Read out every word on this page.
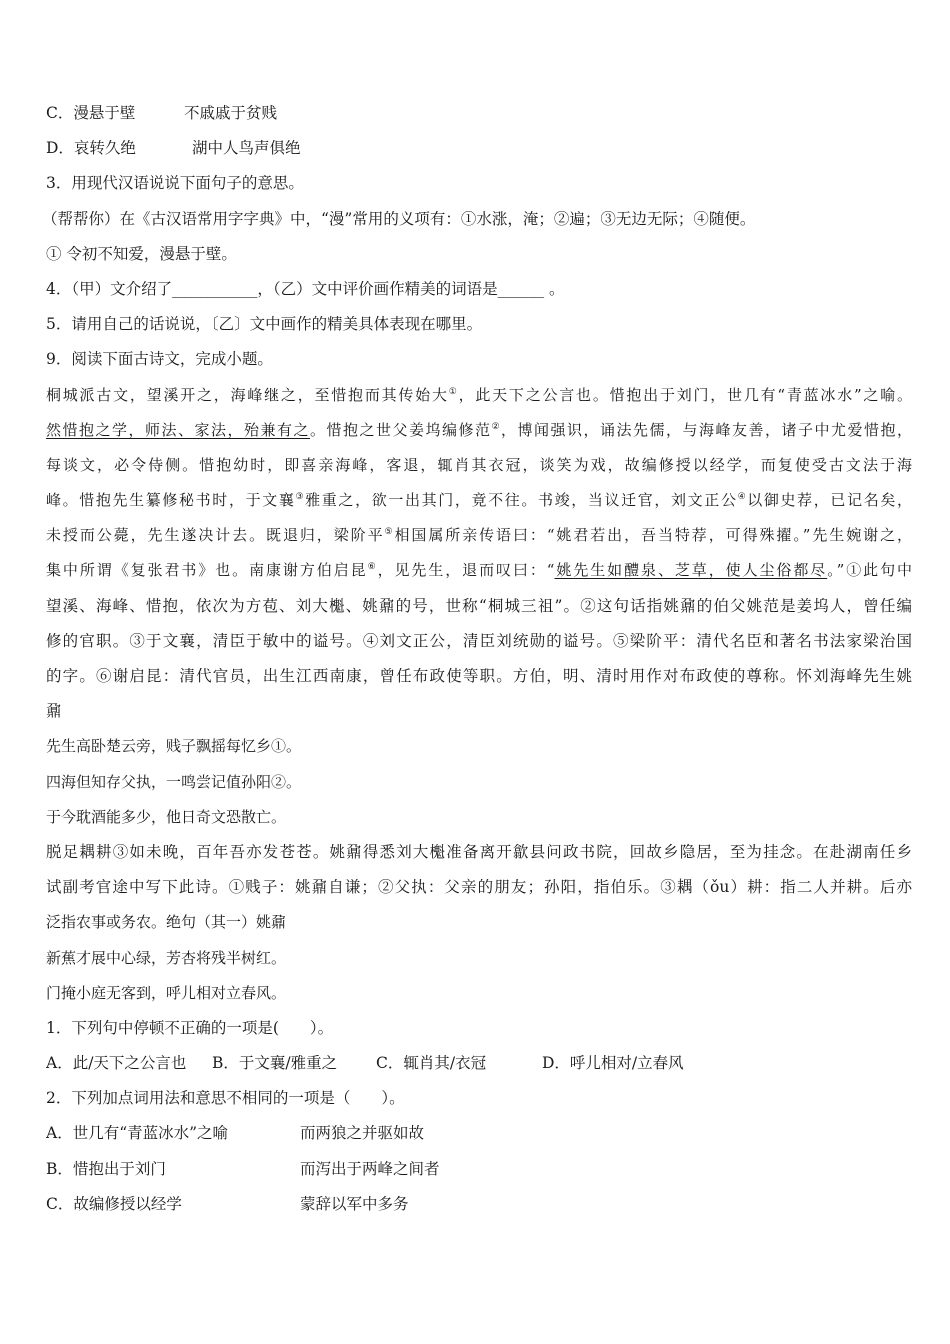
C．漫悬于壁	不戚戚于贫贱
D．哀转久绝	湖中人鸟声俱绝
3．用现代汉语说说下面句子的意思。
（帮帮你）在《古汉语常用字字典》中，“漫”常用的义项有：①水涨，淹；②遍；③无边无际；④随便。
① 令初不知爱，漫悬于壁。
4．（甲）文介绍了___________，（乙）文中评价画作精美的词语是______ 。
5．请用自己的话说说，〔乙〕文中画作的精美具体表现在哪里。
9．阅读下面古诗文，完成小题。
桐城派古文，望溪开之，海峰继之，至惜抱而其传始大①，此天下之公言也。惜抱出于刘门，世几有“青蓝冰水”之喻。
然惜抱之学，师法、家法，殆兼有之。惜抱之世父姜坞编修范②，博闻强识，诵法先儒，与海峰友善，诸子中尤爱惜抱，
每谈文，必令侍侧。惜抱幼时，即喜亲海峰，客退，辄肖其衣冠，谈笑为戏，故编修授以经学，而复使受古文法于海
峰。惜抱先生纂修秘书时，于文襄③雅重之，欲一出其门，竟不往。书竣，当议迁官，刘文正公④以御史荐，已记名矣，
未授而公薨，先生遂决计去。既退归，梁阶平⑤相国属所亲传语曰：“姚君若出，吾当特荐，可得殊擢。”先生婉谢之，
集中所谓《复张君书》也。南康谢方伯启昆⑥，见先生，退而叹曰：“姚先生如醴泉、芝草，使人尘俗都尽。”①此句中
望溪、海峰、惜抱，依次为方苞、刘大櫆、姚鼐的号，世称“桐城三祖”。②这句话指姚鼐的伯父姚范是姜坞人，曾任编
修的官职。③于文襄，清臣于敏中的谥号。④刘文正公，清臣刘统勋的谥号。⑤梁阶平：清代名臣和著名书法家梁治国
的字。⑥谢启昆：清代官员，出生江西南康，曾任布政使等职。方伯，明、清时用作对布政使的尊称。怀刘海峰先生姚
鼐
先生高卧楚云旁，贱子飘摇每忆乡①。
四海但知存父执，一鸣尝记值孙阳②。
于今耽酒能多少，他日奇文恐散亡。
脱足耦耕③如未晚，百年吾亦发苍苍。姚鼐得悉刘大櫆准备离开歙县问政书院，回故乡隐居，至为挂念。在赴湖南任乡
试副考官途中写下此诗。①贱子：姚鼐自谦；②父执：父亲的朋友；孙阳，指伯乐。③耦（ǒu）耕：指二人并耕。后亦
泛指农事或务农。绝句（其一）姚鼐
新蕉才展中心绿，芳杏将残半树红。
门掩小庭无客到，呼儿相对立春风。
1．下列句中停顿不正确的一项是(　　）。
A．此/天下之公言也 B．于文襄/雅重之	C．辄肖其/衣冠	D．呼儿相对/立春风
2．下列加点词用法和意思不相同的一项是（　　）。
A．世几有“青蓝冰水”之喻	而两狼之并驱如故
B．惜抱出于刘门	而泻出于两峰之间者
C．故编修授以经学	蒙辞以军中多务
